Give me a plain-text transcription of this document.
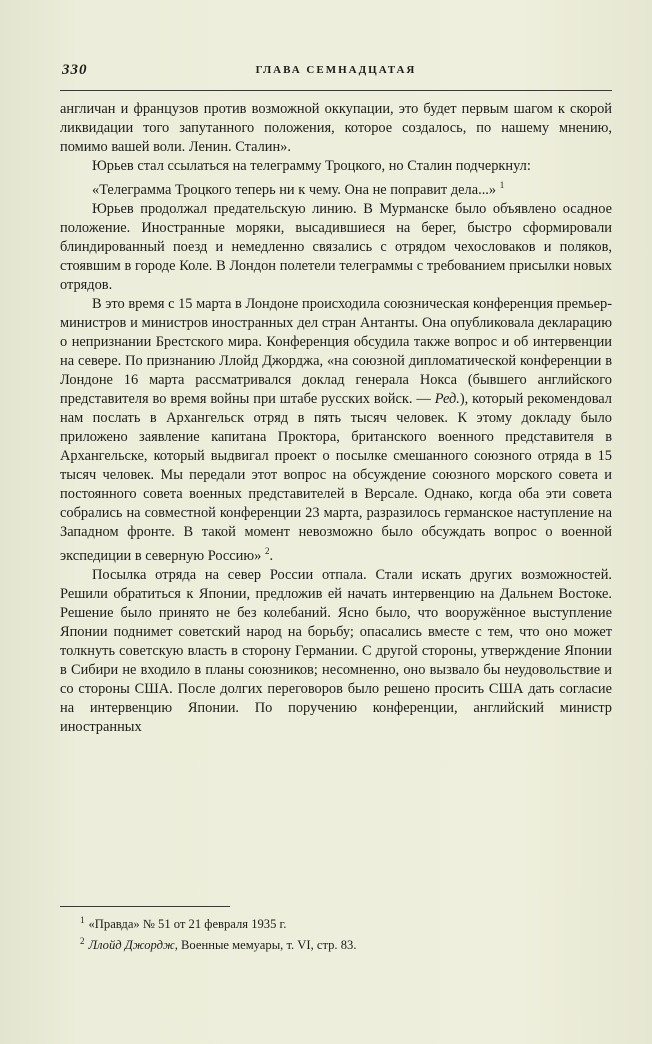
330	ГЛАВА СЕМНАДЦАТАЯ

англичан и французов против возможной оккупации, это будет первым шагом к скорой ликвидации того запутанного положения, которое создалось, по нашему мнению, помимо вашей воли. Ленин. Сталин».

Юрьев стал ссылаться на телеграмму Троцкого, но Сталин подчеркнул:

«Телеграмма Троцкого теперь ни к чему. Она не поправит дела...» $^1$

Юрьев продолжал предательскую линию. В Мурманске было объявлено осадное положение. Иностранные моряки, высадившиеся на берег, быстро сформировали блиндированный поезд и немедленно связались с отрядом чехословаков и поляков, стоявшим в городе Коле. В Лондон полетели телеграммы с требованием присылки новых отрядов.

В это время с 15 марта в Лондоне происходила союзническая конференция премьер-министров и министров иностранных дел стран Антанты. Она опубликовала декларацию о непризнании Брестского мира. Конференция обсудила также вопрос и об интервенции на севере. По признанию Ллойд Джорджа, «на союзной дипломатической конференции в Лондоне 16 марта рассматривался доклад генерала Нокса (бывшего английского представителя во время войны при штабе русских войск. — Ред.), который рекомендовал нам послать в Архангельск отряд в пять тысяч человек. К этому докладу было приложено заявление капитана Проктора, британского военного представителя в Архангельске, который выдвигал проект о посылке смешанного союзного отряда в 15 тысяч человек. Мы передали этот вопрос на обсуждение союзного морского совета и постоянного совета военных представителей в Версале. Однако, когда оба эти совета собрались на совместной конференции 23 марта, разразилось германское наступление на Западном фронте. В такой момент невозможно было обсуждать вопрос о военной экспедиции в северную Россию» $^2$.

Посылка отряда на север России отпала. Стали искать других возможностей. Решили обратиться к Японии, предложив ей начать интервенцию на Дальнем Востоке. Решение было принято не без колебаний. Ясно было, что вооружённое выступление Японии поднимет советский народ на борьбу; опасались вместе с тем, что оно может толкнуть советскую власть в сторону Германии. С другой стороны, утверждение Японии в Сибири не входило в планы союзников; несомненно, оно вызвало бы неудовольствие и со стороны США. После долгих переговоров было решено просить США дать согласие на интервенцию Японии. По поручению конференции, английский министр иностранных

$^1$ «Правда» № 51 от 21 февраля 1935 г.

$^2$ Ллойд Джордж, Военные мемуары, т. VI, стр. 83.
